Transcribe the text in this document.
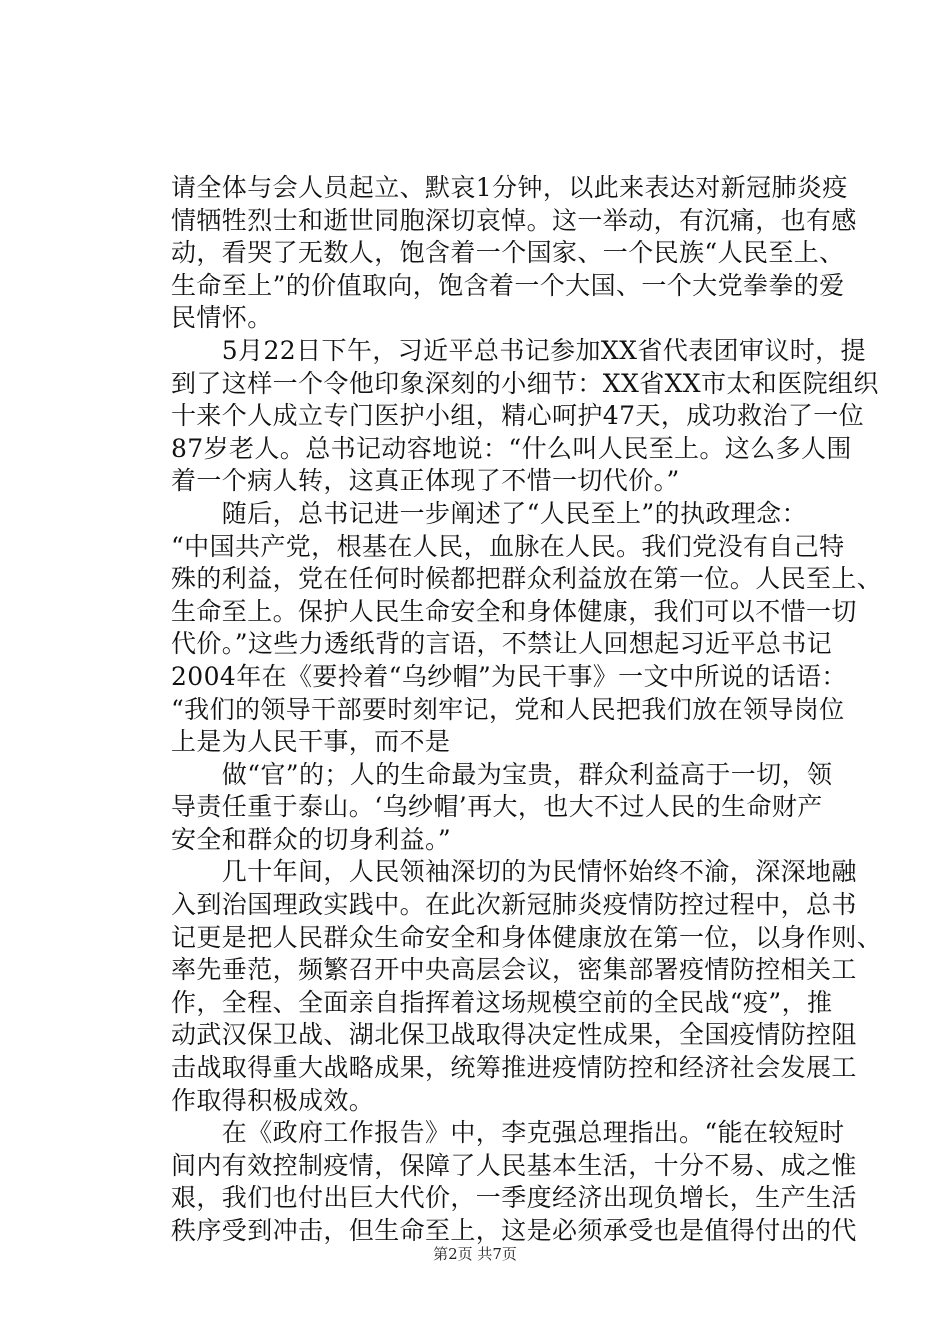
请全体与会人员起立、默哀1分钟，以此来表达对新冠肺炎疫
情牺牲烈士和逝世同胞深切哀悼。这一举动，有沉痛，也有感
动，看哭了无数人，饱含着一个国家、一个民族“人民至上、
生命至上”的价值取向，饱含着一个大国、一个大党拳拳的爱
民情怀。
　　5月22日下午，习近平总书记参加XX省代表团审议时，提
到了这样一个令他印象深刻的小细节：XX省XX市太和医院组织
十来个人成立专门医护小组，精心呵护47天，成功救治了一位
87岁老人。总书记动容地说：“什么叫人民至上。这么多人围
着一个病人转，这真正体现了不惜一切代价。”
　　随后，总书记进一步阐述了“人民至上”的执政理念：
“中国共产党，根基在人民，血脉在人民。我们党没有自己特
殊的利益，党在任何时候都把群众利益放在第一位。人民至上、
生命至上。保护人民生命安全和身体健康，我们可以不惜一切
代价。”这些力透纸背的言语，不禁让人回想起习近平总书记
2004年在《要拎着“乌纱帽”为民干事》一文中所说的话语：
“我们的领导干部要时刻牢记，党和人民把我们放在领导岗位
上是为人民干事，而不是
　　做“官”的；人的生命最为宝贵，群众利益高于一切，领
导责任重于泰山。‘乌纱帽’再大，也大不过人民的生命财产
安全和群众的切身利益。”
　　几十年间，人民领袖深切的为民情怀始终不渝，深深地融
入到治国理政实践中。在此次新冠肺炎疫情防控过程中，总书
记更是把人民群众生命安全和身体健康放在第一位，以身作则、
率先垂范，频繁召开中央高层会议，密集部署疫情防控相关工
作，全程、全面亲自指挥着这场规模空前的全民战“疫”，推
动武汉保卫战、湖北保卫战取得决定性成果，全国疫情防控阻
击战取得重大战略成果，统筹推进疫情防控和经济社会发展工
作取得积极成效。
　　在《政府工作报告》中，李克强总理指出。“能在较短时
间内有效控制疫情，保障了人民基本生活，十分不易、成之惟
艰，我们也付出巨大代价，一季度经济出现负增长，生产生活
秩序受到冲击，但生命至上，这是必须承受也是值得付出的代
第2页 共7页
